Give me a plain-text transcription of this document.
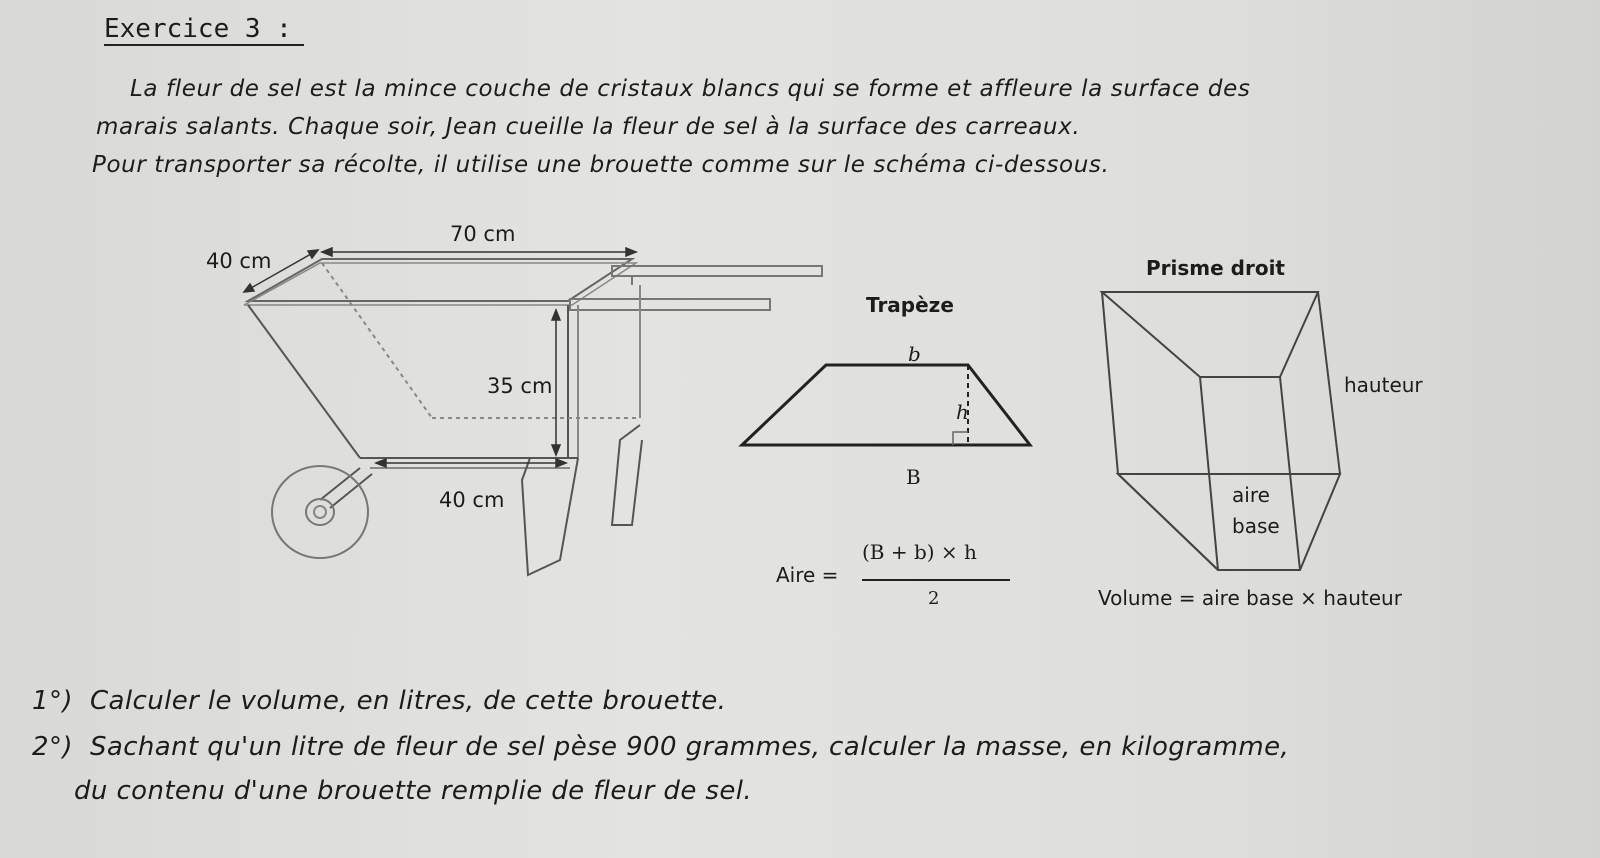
Exercice 3 :
La fleur de sel est la mince couche de cristaux blancs qui se forme et affleure la surface des
marais salants. Chaque soir, Jean cueille la fleur de sel à la surface des carreaux.
Pour transporter sa récolte, il utilise une brouette comme sur le schéma ci-dessous.
70 cm
40 cm
35 cm
40 cm
Trapèze
b
h
B
Aire =
(B + b) × h
2
Prisme droit
hauteur
aire
base
Volume = aire base × hauteur
1°) Calculer le volume, en litres, de cette brouette.
2°) Sachant qu'un litre de fleur de sel pèse 900 grammes, calculer la masse, en kilogramme,
du contenu d'une brouette remplie de fleur de sel.
